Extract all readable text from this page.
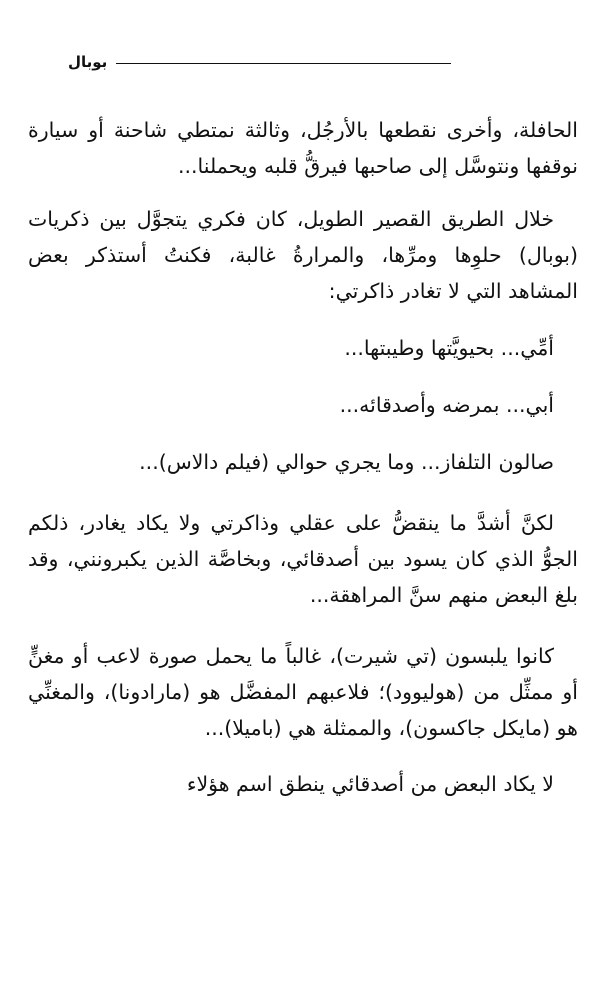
بوبال

الحافلة، وأخرى نقطعها بالأرجُل، وثالثة نمتطي شاحنة أو سيارة نوقفها ونتوسَّل إلى صاحبها فيرقُّ قلبه ويحملنا...

خلال الطريق القصير الطويل، كان فكري يتجوَّل بين ذكريات (بوبال) حلوِها ومرِّها، والمرارةُ غالبة، فكنتُ أستذكر بعض المشاهد التي لا تغادر ذاكرتي:

أمِّي... بحيويَّتها وطيبتها...

أبي... بمرضه وأصدقائه...

صالون التلفاز... وما يجري حوالي (فيلم دالاس)...

لكنَّ أشدَّ ما ينقضُّ على عقلي وذاكرتي ولا يكاد يغادر، ذلكم الجوُّ الذي كان يسود بين أصدقائي، وبخاصَّة الذين يكبرونني، وقد بلغ البعض منهم سنَّ المراهقة...

كانوا يلبسون (تي شيرت)، غالباً ما يحمل صورة لاعب أو مغنٍّ أو ممثِّل من (هوليوود)؛ فلاعبهم المفضَّل هو (مارادونا)، والمغنِّي هو (مايكل جاكسون)، والممثلة هي (باميلا)...

لا يكاد البعض من أصدقائي ينطق اسم هؤلاء
